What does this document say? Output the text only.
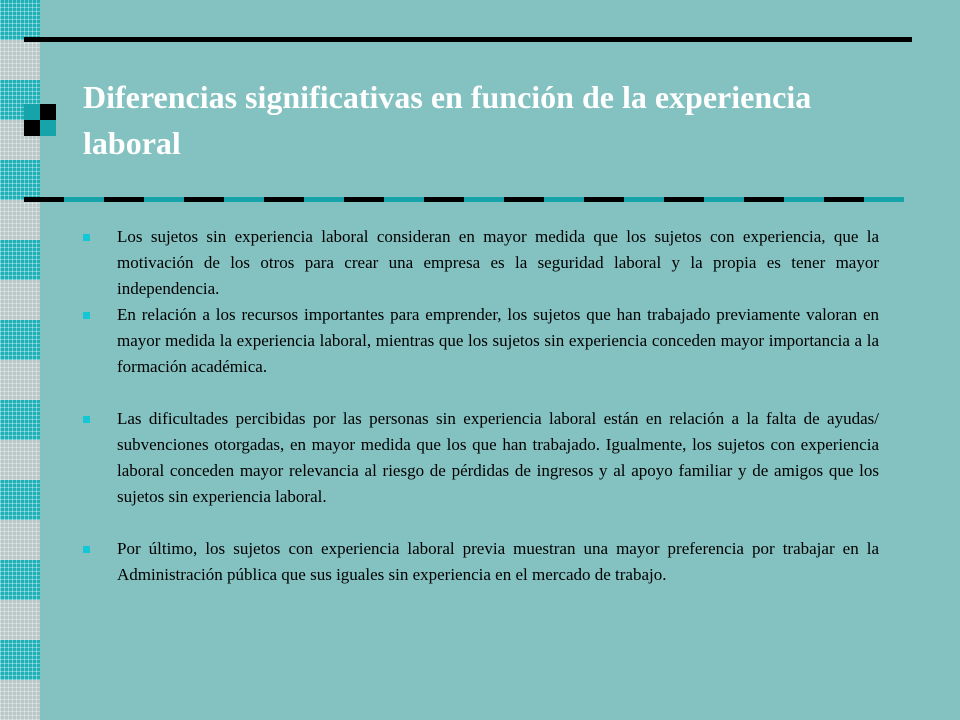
Diferencias significativas en función de la experiencia laboral
Los sujetos sin experiencia laboral consideran en mayor medida que los sujetos con experiencia, que la motivación de los otros para crear una empresa es la seguridad laboral y la propia es tener mayor independencia.
En relación a los recursos importantes para emprender, los sujetos que han trabajado previamente valoran en mayor medida la experiencia laboral, mientras que los sujetos sin experiencia conceden mayor importancia a la formación académica.
Las dificultades percibidas por las personas sin experiencia laboral están en relación a la falta de ayudas/ subvenciones otorgadas, en mayor medida que los que han trabajado. Igualmente, los sujetos con experiencia laboral conceden mayor relevancia al riesgo de pérdidas de ingresos y al apoyo familiar y de amigos que los sujetos sin experiencia laboral.
Por último, los sujetos con experiencia laboral previa muestran una mayor preferencia por trabajar en la Administración pública que sus iguales sin experiencia en el mercado de trabajo.
